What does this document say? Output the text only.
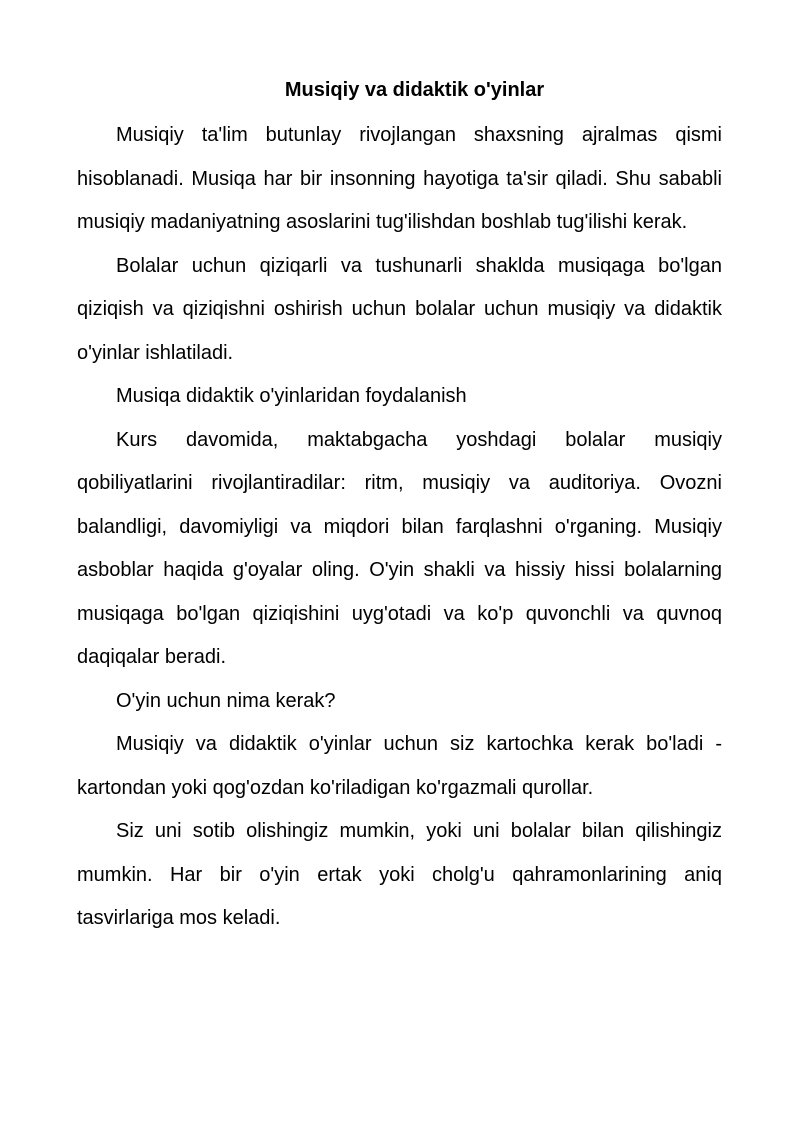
Musiqiy va didaktik o'yinlar

Musiqiy ta'lim butunlay rivojlangan shaxsning ajralmas qismi hisoblanadi. Musiqa har bir insonning hayotiga ta'sir qiladi. Shu sababli musiqiy madaniyatning asoslarini tug'ilishdan boshlab tug'ilishi kerak.

Bolalar uchun qiziqarli va tushunarli shaklda musiqaga bo'lgan qiziqish va qiziqishni oshirish uchun bolalar uchun musiqiy va didaktik o'yinlar ishlatiladi.

Musiqa didaktik o'yinlaridan foydalanish

Kurs davomida, maktabgacha yoshdagi bolalar musiqiy qobiliyatlarini rivojlantiradilar: ritm, musiqiy va auditoriya. Ovozni balandligi, davomiyligi va miqdori bilan farqlashni o'rganing. Musiqiy asboblar haqida g'oyalar oling. O'yin shakli va hissiy hissi bolalarning musiqaga bo'lgan qiziqishini uyg'otadi va ko'p quvonchli va quvnoq daqiqalar beradi.

O'yin uchun nima kerak?

Musiqiy va didaktik o'yinlar uchun siz kartochka kerak bo'ladi - kartondan yoki qog'ozdan ko'riladigan ko'rgazmali qurollar.

Siz uni sotib olishingiz mumkin, yoki uni bolalar bilan qilishingiz mumkin. Har bir o'yin ertak yoki cholg'u qahramonlarining aniq tasvirlariga mos keladi.
